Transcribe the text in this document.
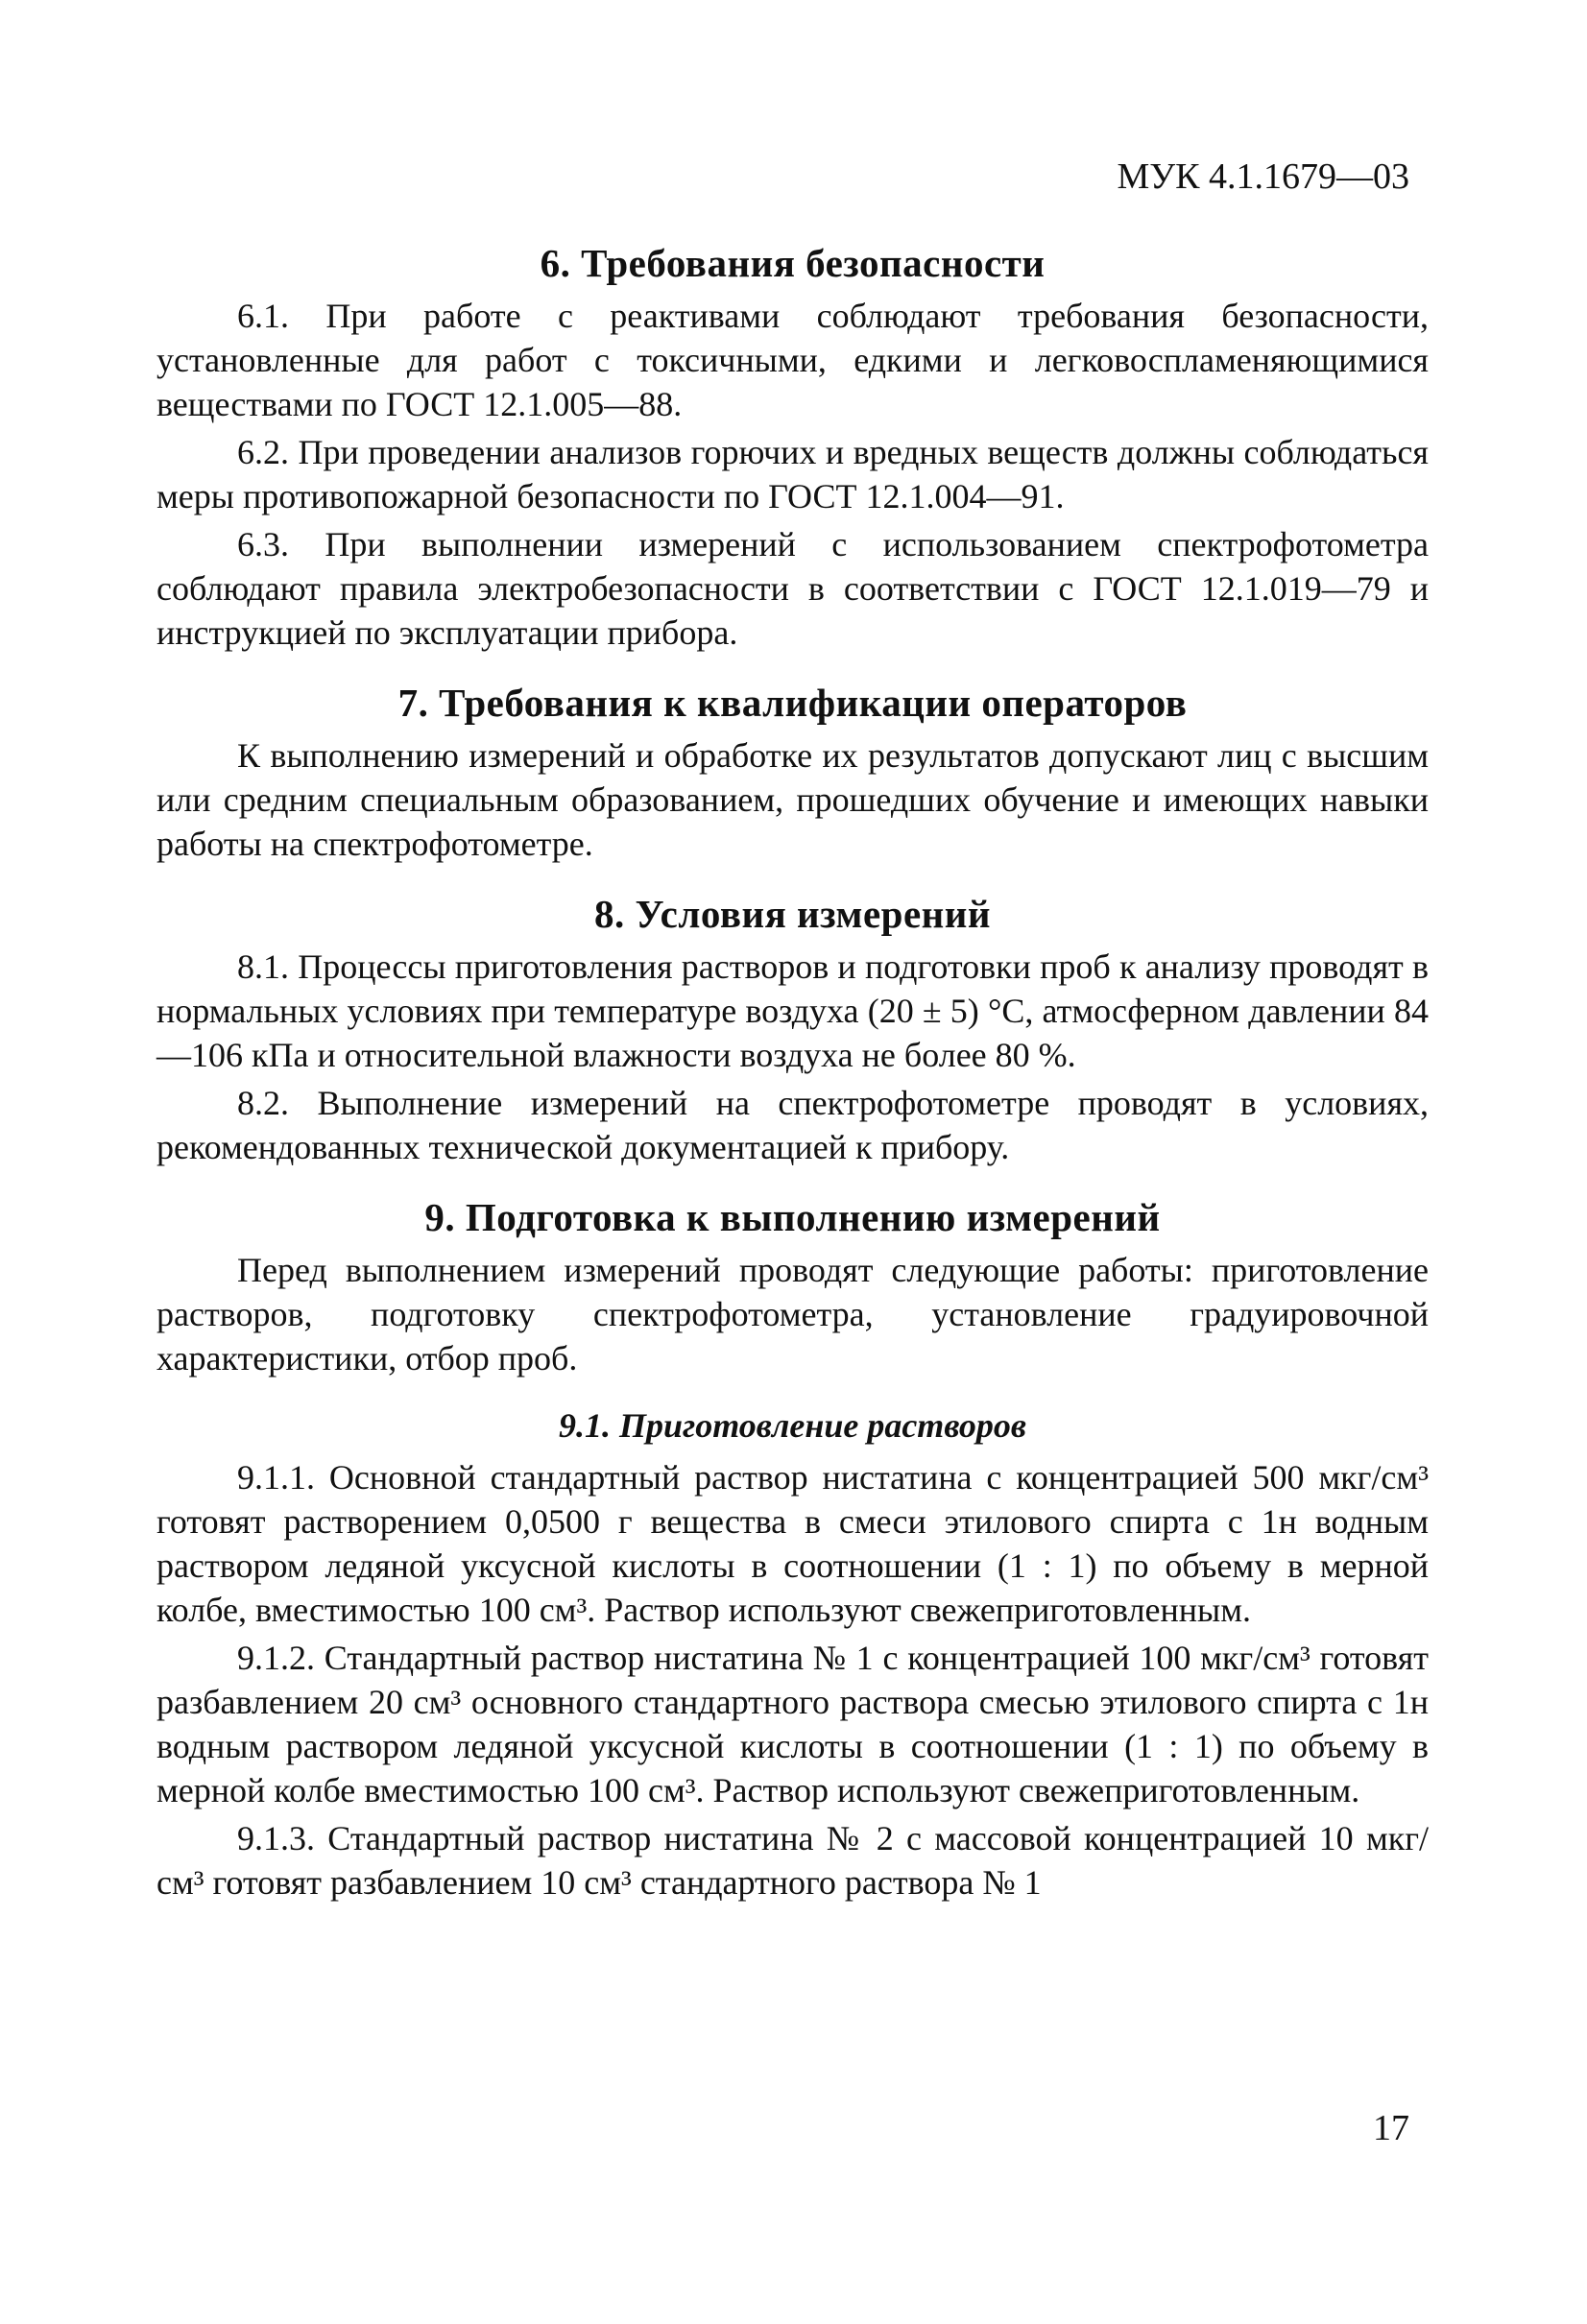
МУК 4.1.1679—03
6. Требования безопасности

6.1. При работе с реактивами соблюдают требования безопасности, установленные для работ с токсичными, едкими и легковоспламеняющимися веществами по ГОСТ 12.1.005—88.

6.2. При проведении анализов горючих и вредных веществ должны соблюдаться меры противопожарной безопасности по ГОСТ 12.1.004—91.

6.3. При выполнении измерений с использованием спектрофотометра соблюдают правила электробезопасности в соответствии с ГОСТ 12.1.019—79 и инструкцией по эксплуатации прибора.

7. Требования к квалификации операторов

К выполнению измерений и обработке их результатов допускают лиц с высшим или средним специальным образованием, прошедших обучение и имеющих навыки работы на спектрофотометре.

8. Условия измерений

8.1. Процессы приготовления растворов и подготовки проб к анализу проводят в нормальных условиях при температуре воздуха (20 ± 5) °С, атмосферном давлении 84—106 кПа и относительной влажности воздуха не более 80 %.

8.2. Выполнение измерений на спектрофотометре проводят в условиях, рекомендованных технической документацией к прибору.

9. Подготовка к выполнению измерений

Перед выполнением измерений проводят следующие работы: приготовление растворов, подготовку спектрофотометра, установление градуировочной характеристики, отбор проб.

9.1. Приготовление растворов

9.1.1. Основной стандартный раствор нистатина с концентрацией 500 мкг/см³ готовят растворением 0,0500 г вещества в смеси этилового спирта с 1н водным раствором ледяной уксусной кислоты в соотношении (1 : 1) по объему в мерной колбе, вместимостью 100 см³. Раствор используют свежеприготовленным.

9.1.2. Стандартный раствор нистатина № 1 с концентрацией 100 мкг/см³ готовят разбавлением 20 см³ основного стандартного раствора смесью этилового спирта с 1н водным раствором ледяной уксусной кислоты в соотношении (1 : 1) по объему в мерной колбе вместимостью 100 см³. Раствор используют свежеприготовленным.

9.1.3. Стандартный раствор нистатина № 2 с массовой концентрацией 10 мкг/см³ готовят разбавлением 10 см³ стандартного раствора № 1

17
